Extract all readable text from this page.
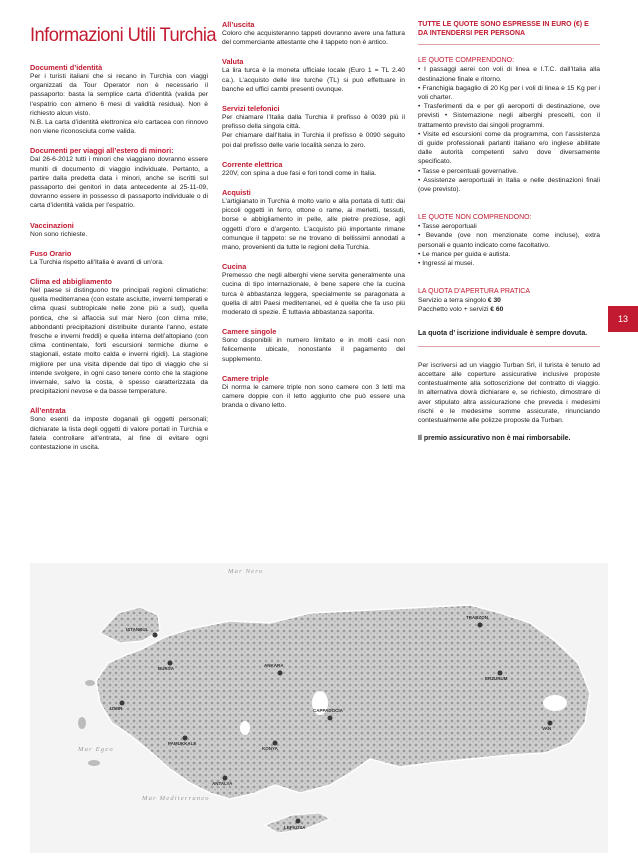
Informazioni Utili Turchia
Documenti d’identità
Per i turisti italiani che si recano in Turchia con viaggi organizzati da Tour Operator non è necessario il passaporto: basta la semplice carta d’identità (valida per l’espatrio con almeno 6 mesi di validità residua). Non è richiesto alcun visto.
N.B. La carta d’identità elettronica e/o cartacea con rinnovo non viene riconosciuta come valida.
Documenti per viaggi all’estero di minori:
Dal 26-6-2012 tutti i minori che viaggiano dovranno essere muniti di documento di viaggio individuale. Pertanto, a partire dalla predetta data i minori, anche se iscritti sul passaporto dei genitori in data antecedente al 25-11-09, dovranno essere in possesso di passaporto individuale o di carta d’identità valida per l’espatrio.
Vaccinazioni
Non sono richieste.
Fuso Orario
La Turchia rispetto all’Italia è avanti di un’ora.
Clima ed abbigliamento
Nel paese si distinguono tre principali regioni climatiche: quella mediterranea (con estate asciutte, inverni temperati e clima quasi subtropicale nelle zone più a sud), quella pontica, che si affaccia sul mar Nero (con clima mite, abbondanti precipitazioni distribuite durante l’anno, estate fresche e inverni freddi) e quella interna dell’altopiano (con clima continentale, forti escursioni termiche diurne e stagionali, estate molto calda e inverni rigidi). La stagione migliore per una visita dipende dal tipo di viaggio che si intende svolgere, in ogni caso tenere conto che la stagione invernale, salvo la costa, è spesso caratterizzata da precipitazioni nevose e da basse temperature.
All’entrata
Sono esenti da imposte doganali gli oggetti personali; dichiarate la lista degli oggetti di valore portati in Turchia e fatela controllare all’entrata, al fine di evitare ogni contestazione in uscita.
All’uscita
Coloro che acquisteranno tappeti dovranno avere una fattura del commerciante attestante che il tappeto non è antico.
Valuta
La lira turca è la moneta ufficiale locale (Euro 1 = TL 2.40 ca.). L’acquisto delle lire turche (TL) si può effettuare in banche ed uffici cambi presenti ovunque.
Servizi telefonici
Per chiamare l’Italia dalla Turchia il prefisso è 0039 più il prefisso della singola città.
Per chiamare dall’Italia in Turchia il prefisso è 0090 seguito poi dal prefisso delle varie località senza lo zero.
Corrente elettrica
220V, con spina a due fasi e fori tondi come in Italia.
Acquisti
L’artigianato in Turchia è molto vario e alla portata di tutti: dai piccoli oggetti in ferro, ottone o rame, ai merletti, tessuti, borse e abbigliamento in pelle, alle pietre preziose, agli oggetti d’oro e d’argento. L’acquisto più importante rimane comunque il tappeto: se ne trovano di bellissimi annodati a mano, provenienti da tutte le regioni della Turchia.
Cucina
Premesso che negli alberghi viene servita generalmente una cucina di tipo internazionale, è bene sapere che la cucina turca è abbastanza leggera, specialmente se paragonata a quella di altri Paesi mediterranei, ed è quella che fa uso più moderato di spezie. È tuttavia abbastanza saporita.
Camere singole
Sono disponibili in numero limitato e in molti casi non felicemente ubicate, nonostante il pagamento del supplemento.
Camere triple
Di norma le camere triple non sono camere con 3 letti ma camere doppie con il letto aggiunto che può essere una branda o divano letto.
TUTTE LE QUOTE SONO ESPRESSE IN EURO (€) E DA INTENDERSI PER PERSONA
LE QUOTE COMPRENDONO:
• I passaggi aerei con voli di linea e I.T.C. dall’Italia alla destinazione finale e ritorno.
• Franchigia bagaglio di 20 Kg per i voli di linea e 15 Kg per i voli charter.
• Trasferimenti da e per gli aeroporti di destinazione, ove previsti • Sistemazione negli alberghi prescelti, con il trattamento previsto dai singoli programmi.
• Visite ed escursioni come da programma, con l’assistenza di guide professionali parlanti italiano e/o inglese abilitate dalle autorità competenti salvo dove diversamente specificato.
• Tasse e percentuali governative.
• Assistenze aeroportuali in Italia e nelle destinazioni finali (ove previsto).
LE QUOTE NON COMPRENDONO:
• Tasse aeroportuali
• Bevande (ove non menzionate come incluse), extra personali e quanto indicato come facoltativo.
• Le mance per guida e autista.
• Ingressi ai musei.
LA QUOTA D’APERTURA PRATICA
Servizio a terra singolo € 30
Pacchetto volo + servizi € 60
La quota d’ iscrizione individuale è sempre dovuta.
Per iscriversi ad un viaggio Turban Srl, il turista è tenuto ad accettare alle coperture assicurative inclusive proposte contestualmente alla sottoscrizione del contratto di viaggio. In alternativa dovrà dichiarare e, se richiesto, dimostrare di aver stipulato altra assicurazione che preveda i medesimi rischi e le medesime somme assicurate, rinunciando contestualmente alle polizze proposte da Turban.
Il premio assicurativo non è mai rimborsabile.
13
ISTANBUL
ANKARA
CAPPADOCIA
KONYA
PAMUKKALE
ANTALYA
IZMIR
BURSA
TRABZON
ERZURUM
VAN
LEFKOSA
Mar Nero
Mar Egeo
Mar Mediterraneo
